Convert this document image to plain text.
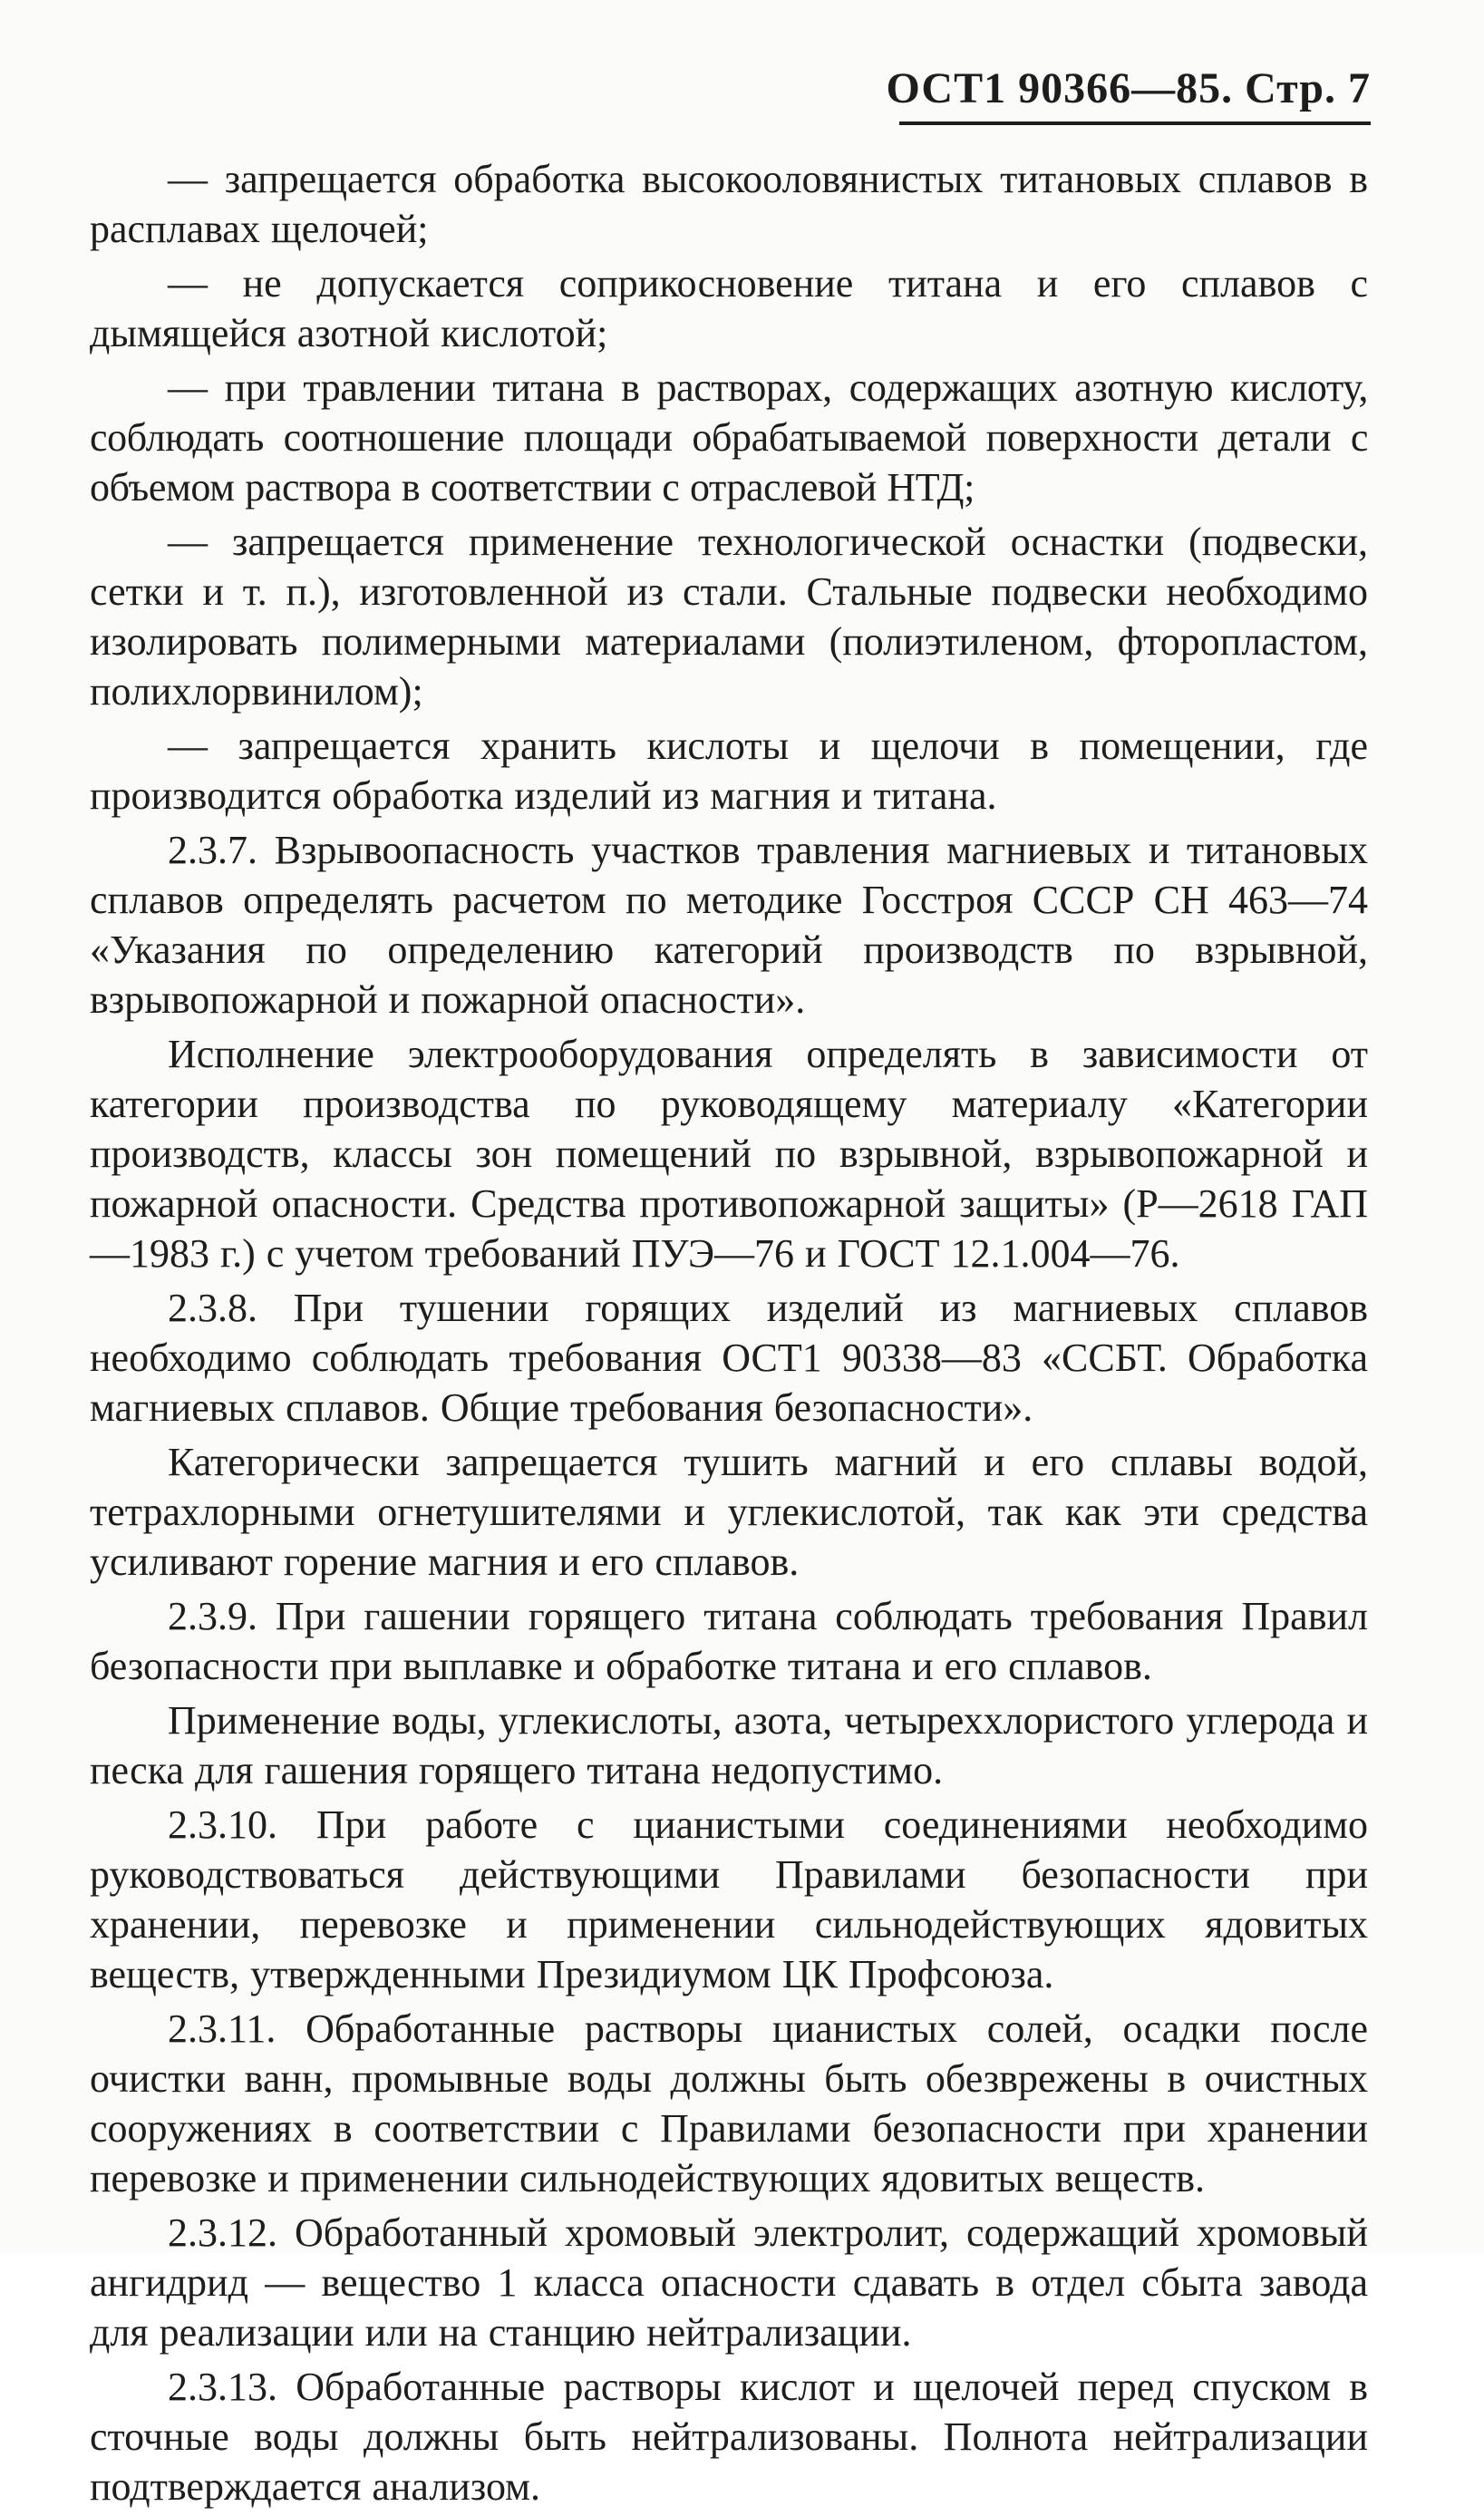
ОСТ1 90366—85. Стр. 7

— запрещается обработка высокооловянистых титановых сплавов в расплавах щелочей;

— не допускается соприкосновение титана и его сплавов с дымящейся азотной кислотой;

— при травлении титана в растворах, содержащих азотную кислоту, соблюдать соотношение площади обрабатываемой поверхности детали с объемом раствора в соответствии с отраслевой НТД;

— запрещается применение технологической оснастки (подвески, сетки и т. п.), изготовленной из стали. Стальные подвески необходимо изолировать полимерными материалами (полиэтиленом, фторопластом, полихлорвинилом);

— запрещается хранить кислоты и щелочи в помещении, где производится обработка изделий из магния и титана.

2.3.7. Взрывоопасность участков травления магниевых и титановых сплавов определять расчетом по методике Госстроя СССР СН 463—74 «Указания по определению категорий производств по взрывной, взрывопожарной и пожарной опасности».

Исполнение электрооборудования определять в зависимости от категории производства по руководящему материалу «Категории производств, классы зон помещений по взрывной, взрывопожарной и пожарной опасности. Средства противопожарной защиты» (Р—2618 ГАП—1983 г.) с учетом требований ПУЭ—76 и ГОСТ 12.1.004—76.

2.3.8. При тушении горящих изделий из магниевых сплавов необходимо соблюдать требования ОСТ1 90338—83 «ССБТ. Обработка магниевых сплавов. Общие требования безопасности».

Категорически запрещается тушить магний и его сплавы водой, тетрахлорными огнетушителями и углекислотой, так как эти средства усиливают горение магния и его сплавов.

2.3.9. При гашении горящего титана соблюдать требования Правил безопасности при выплавке и обработке титана и его сплавов.

Применение воды, углекислоты, азота, четыреххлористого углерода и песка для гашения горящего титана недопустимо.

2.3.10. При работе с цианистыми соединениями необходимо руководствоваться действующими Правилами безопасности при хранении, перевозке и применении сильнодействующих ядовитых веществ, утвержденными Президиумом ЦК Профсоюза.

2.3.11. Обработанные растворы цианистых солей, осадки после очистки ванн, промывные воды должны быть обезврежены в очистных сооружениях в соответствии с Правилами безопасности при хранении перевозке и применении сильнодействующих ядовитых веществ.

2.3.12. Обработанный хромовый электролит, содержащий хромовый ангидрид — вещество 1 класса опасности сдавать в отдел сбыта завода для реализации или на станцию нейтрализации.

2.3.13. Обработанные растворы кислот и щелочей перед спуском в сточные воды должны быть нейтрализованы. Полнота нейтрализации подтверждается анализом.
